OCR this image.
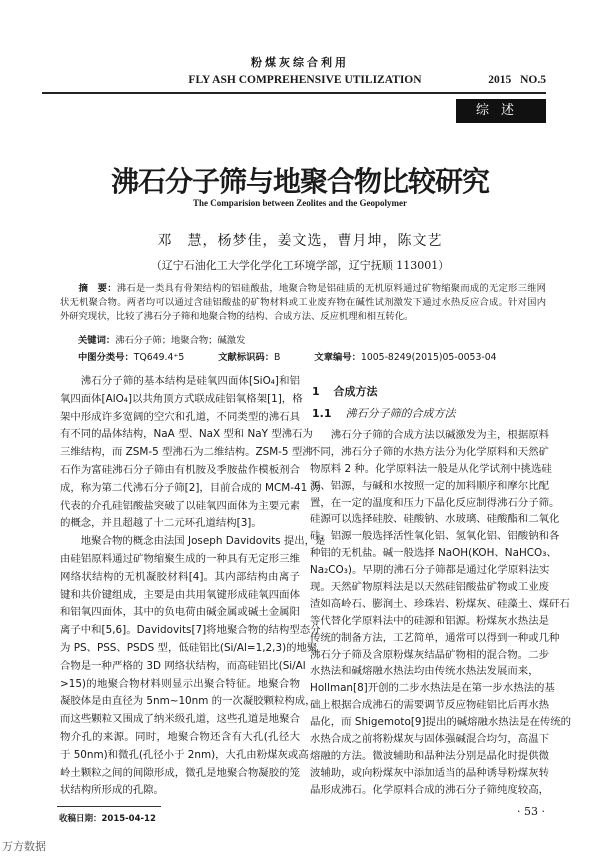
粉煤灰综合利用
FLY ASH COMPREHENSIVE UTILIZATION	2015 NO.5
综述
沸石分子筛与地聚合物比较研究
The Comparision between Zeolites and the Geopolymer
邓　慧，杨梦佳，姜文选，曹月坤，陈文艺
（辽宁石油化工大学化学化工环境学部，辽宁抚顺 113001）
摘　要：沸石是一类具有骨架结构的铝硅酸盐，地聚合物是铝硅质的无机原料通过矿物缩聚而成的无定形三维网
状无机聚合物。两者均可以通过含硅铝酸盐的矿物材料或工业废弃物在碱性试剂激发下通过水热反应合成。针对国内
外研究现状，比较了沸石分子筛和地聚合物的结构、合成方法、反应机理和相互转化。
关键词：沸石分子筛；地聚合物；碱激发
中图分类号：TQ649.4⁺5	文献标识码：B	文章编号：1005-8249(2015)05-0053-04
沸石分子筛的基本结构是硅氧四面体[SiO₄]和铝
氧四面体[AlO₄]以共角顶方式联成硅铝氧格架[1]，格
架中形成许多宽阔的空穴和孔道，不同类型的沸石具
有不同的晶体结构，NaA 型、NaX 型和 NaY 型沸石为
三维结构，而 ZSM-5 型沸石为二维结构。ZSM-5 型沸
石作为富硅沸石分子筛由有机胺及季胺盐作模板剂合
成，称为第二代沸石分子筛[2]，目前合成的 MCM-41 为
代表的介孔硅铝酸盐突破了以硅氧四面体为主要元素
的概念，并且超越了十二元环孔道结构[3]。
地聚合物的概念由法国 Joseph Davidovits 提出，是
由硅铝原料通过矿物缩聚生成的一种具有无定形三维
网络状结构的无机凝胶材料[4]。其内部结构由离子
键和共价键组成，主要是由共用氧键形成硅氧四面体
和铝氧四面体，其中的负电荷由碱金属或碱土金属阳
离子中和[5,6]。Davidovits[7]将地聚合物的结构型态分
为 PS、PSS、PSDS 型，低硅铝比(Si/Al=1,2,3)的地聚
合物是一种严格的 3D 网络状结构，而高硅铝比(Si/Al
>15)的地聚合物材料则显示出聚合特征。地聚合物
凝胶体是由直径为 5nm~10nm 的一次凝胶颗粒构成，
而这些颗粒又围成了纳米级孔道，这些孔道是地聚合
物介孔的来源。同时，地聚合物还含有大孔(孔径大
于 50nm)和微孔(孔径小于 2nm)，大孔由粉煤灰或高
岭土颗粒之间的间隙形成，微孔是地聚合物凝胶的笼
状结构所形成的孔隙。
1 合成方法
1.1 沸石分子筛的合成方法
沸石分子筛的合成方法以碱激发为主，根据原料
不同，沸石分子筛的水热方法分为化学原料和天然矿
物原料 2 种。化学原料法一般是从化学试剂中挑选硅
源、铝源，与碱和水按照一定的加料顺序和摩尔比配
置，在一定的温度和压力下晶化反应制得沸石分子筛。
硅源可以选择硅胶、硅酸钠、水玻璃、硅酸酯和二氧化
硅，铝源一般选择活性氧化铝、氢氧化铝、铝酸钠和各
种铝的无机盐。碱一般选择 NaOH(KOH、NaHCO₃、
Na₂CO₃)。早期的沸石分子筛都是通过化学原料法实
现。天然矿物原料法是以天然硅铝酸盐矿物或工业废
渣如高岭石、膨润土、珍珠岩、粉煤灰、硅藻土、煤矸石
等代替化学原料法中的硅源和铝源。粉煤灰水热法是
传统的制备方法，工艺简单，通常可以得到一种或几种
沸石分子筛及含原粉煤灰结晶矿物相的混合物。二步
水热法和碱熔融水热法均由传统水热法发展而来，
Hollman[8]开创的二步水热法是在第一步水热法的基
础上根据合成沸石的需要调节反应物硅铝比后再水热
晶化，而 Shigemoto[9]提出的碱熔融水热法是在传统的
水热合成之前将粉煤灰与固体强碱混合均匀，高温下
熔融的方法。微波辅助和晶种法分别是晶化时提供微
波辅助，或向粉煤灰中添加适当的晶种诱导粉煤灰转
晶形成沸石。化学原料合成的沸石分子筛纯度较高，
收稿日期：2015-04-12
· 53 ·
万方数据
